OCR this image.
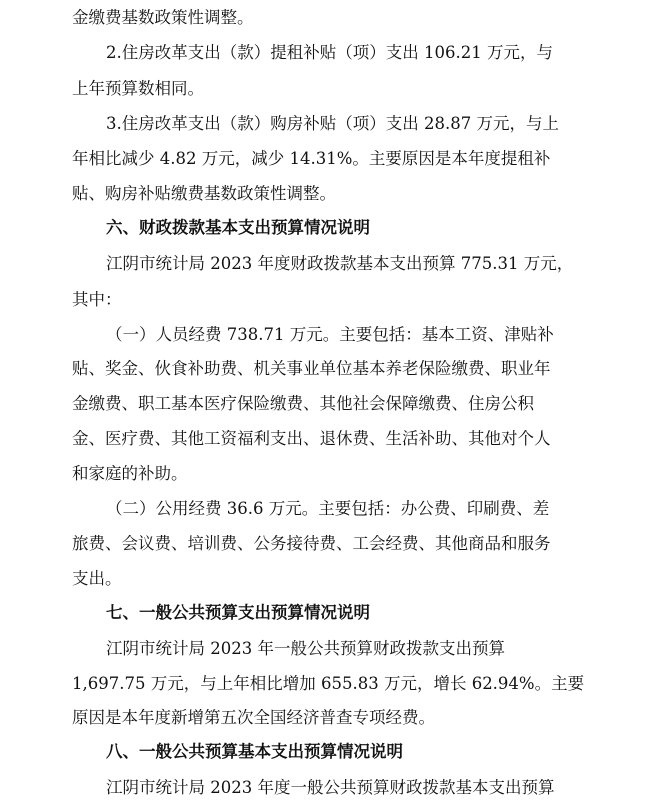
金缴费基数政策性调整。
2.住房改革支出（款）提租补贴（项）支出 106.21 万元，与
上年预算数相同。
3.住房改革支出（款）购房补贴（项）支出 28.87 万元，与上
年相比减少 4.82 万元，减少 14.31%。主要原因是本年度提租补
贴、购房补贴缴费基数政策性调整。
六、财政拨款基本支出预算情况说明
江阴市统计局 2023 年度财政拨款基本支出预算 775.31 万元，
其中：
（一）人员经费 738.71 万元。主要包括：基本工资、津贴补
贴、奖金、伙食补助费、机关事业单位基本养老保险缴费、职业年
金缴费、职工基本医疗保险缴费、其他社会保障缴费、住房公积
金、医疗费、其他工资福利支出、退休费、生活补助、其他对个人
和家庭的补助。
（二）公用经费 36.6 万元。主要包括：办公费、印刷费、差
旅费、会议费、培训费、公务接待费、工会经费、其他商品和服务
支出。
七、一般公共预算支出预算情况说明
江阴市统计局 2023 年一般公共预算财政拨款支出预算
1,697.75 万元，与上年相比增加 655.83 万元，增长 62.94%。主要
原因是本年度新增第五次全国经济普查专项经费。
八、一般公共预算基本支出预算情况说明
江阴市统计局 2023 年度一般公共预算财政拨款基本支出预算
